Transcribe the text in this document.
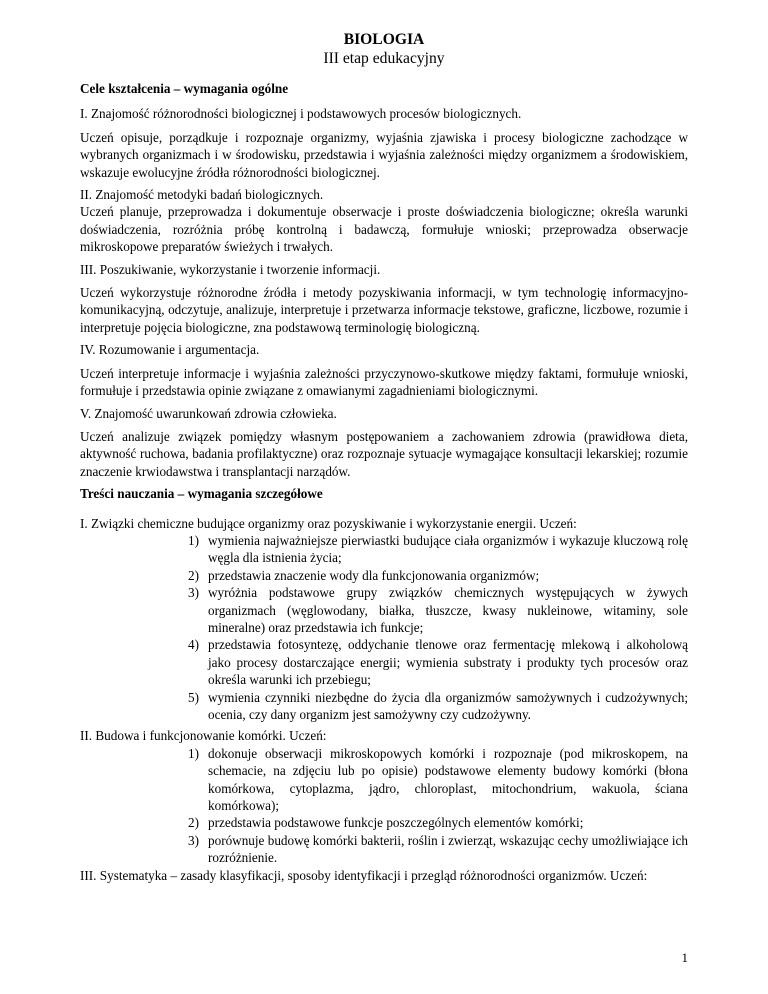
BIOLOGIA
III etap edukacyjny
Cele kształcenia – wymagania ogólne
I. Znajomość różnorodności biologicznej i podstawowych procesów biologicznych.
Uczeń opisuje, porządkuje i rozpoznaje organizmy, wyjaśnia zjawiska i procesy biologiczne zachodzące w wybranych organizmach i w środowisku, przedstawia i wyjaśnia zależności między organizmem a środowiskiem, wskazuje ewolucyjne źródła różnorodności biologicznej.
II. Znajomość metodyki badań biologicznych.
Uczeń planuje, przeprowadza i dokumentuje obserwacje i proste doświadczenia biologiczne; określa warunki doświadczenia, rozróżnia próbę kontrolną i badawczą, formułuje wnioski; przeprowadza obserwacje mikroskopowe preparatów świeżych i trwałych.
III. Poszukiwanie, wykorzystanie i tworzenie informacji.
Uczeń wykorzystuje różnorodne źródła i metody pozyskiwania informacji, w tym technologię informacyjno-komunikacyjną, odczytuje, analizuje, interpretuje i przetwarza informacje tekstowe, graficzne, liczbowe, rozumie i interpretuje pojęcia biologiczne, zna podstawową terminologię biologiczną.
IV. Rozumowanie i argumentacja.
Uczeń interpretuje informacje i wyjaśnia zależności przyczynowo-skutkowe między faktami, formułuje wnioski, formułuje i przedstawia opinie związane z omawianymi zagadnieniami biologicznymi.
V. Znajomość uwarunkowań zdrowia człowieka.
Uczeń analizuje związek pomiędzy własnym postępowaniem a zachowaniem zdrowia (prawidłowa dieta, aktywność ruchowa, badania profilaktyczne) oraz rozpoznaje sytuacje wymagające konsultacji lekarskiej; rozumie znaczenie krwiodawstwa i transplantacji narządów.
Treści nauczania – wymagania szczegółowe
I. Związki chemiczne budujące organizmy oraz pozyskiwanie i wykorzystanie energii. Uczeń:
1) wymienia najważniejsze pierwiastki budujące ciała organizmów i wykazuje kluczową rolę węgla dla istnienia życia;
2) przedstawia znaczenie wody dla funkcjonowania organizmów;
3) wyróżnia podstawowe grupy związków chemicznych występujących w żywych organizmach (węglowodany, białka, tłuszcze, kwasy nukleinowe, witaminy, sole mineralne) oraz przedstawia ich funkcje;
4) przedstawia fotosyntezę, oddychanie tlenowe oraz fermentację mlekową i alkoholową jako procesy dostarczające energii; wymienia substraty i produkty tych procesów oraz określa warunki ich przebiegu;
5) wymienia czynniki niezbędne do życia dla organizmów samożywnych i cudzożywnych; ocenia, czy dany organizm jest samożywny czy cudzożywny.
II. Budowa i funkcjonowanie komórki. Uczeń:
1) dokonuje obserwacji mikroskopowych komórki i rozpoznaje (pod mikroskopem, na schemacie, na zdjęciu lub po opisie) podstawowe elementy budowy komórki (błona komórkowa, cytoplazma, jądro, chloroplast, mitochondrium, wakuola, ściana komórkowa);
2) przedstawia podstawowe funkcje poszczególnych elementów komórki;
3) porównuje budowę komórki bakterii, roślin i zwierząt, wskazując cechy umożliwiające ich rozróżnienie.
III. Systematyka – zasady klasyfikacji, sposoby identyfikacji i przegląd różnorodności organizmów. Uczeń:
1
